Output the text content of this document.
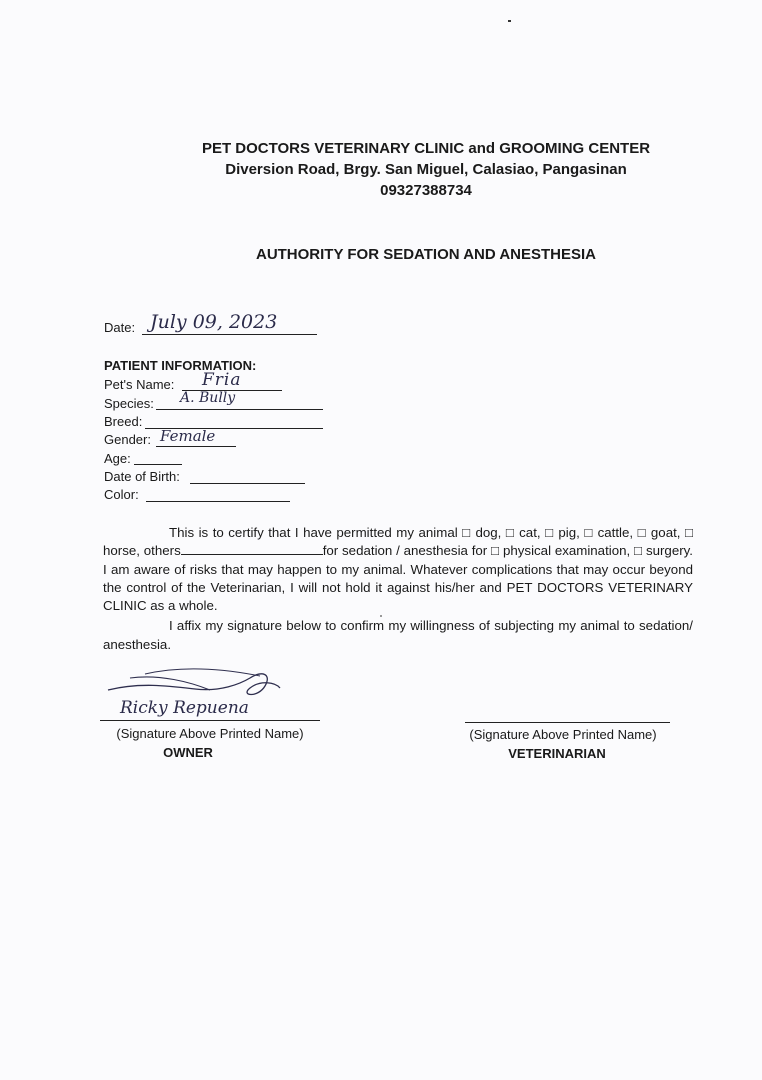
PET DOCTORS VETERINARY CLINIC and GROOMING CENTER
Diversion Road, Brgy. San Miguel, Calasiao, Pangasinan
09327388734
AUTHORITY FOR SEDATION AND ANESTHESIA
Date: July 09, 2023
PATIENT INFORMATION:
Pet's Name: Fria
Species: A. Bully
Breed:
Gender: Female
Age:
Date of Birth:
Color:

This is to certify that I have permitted my animal □ dog, □ cat, □ pig, □ cattle, □ goat, □ horse, others	for sedation / anesthesia for □ physical examination, □ surgery. I am aware of risks that may happen to my animal. Whatever complications that may occur beyond the control of the Veterinarian, I will not hold it against his/her and PET DOCTORS VETERINARY CLINIC as a whole.

I affix my signature below to confirm my willingness of subjecting my animal to sedation/ anesthesia.

Ricky Repuena
(Signature Above Printed Name)
OWNER
(Signature Above Printed Name)
VETERINARIAN
